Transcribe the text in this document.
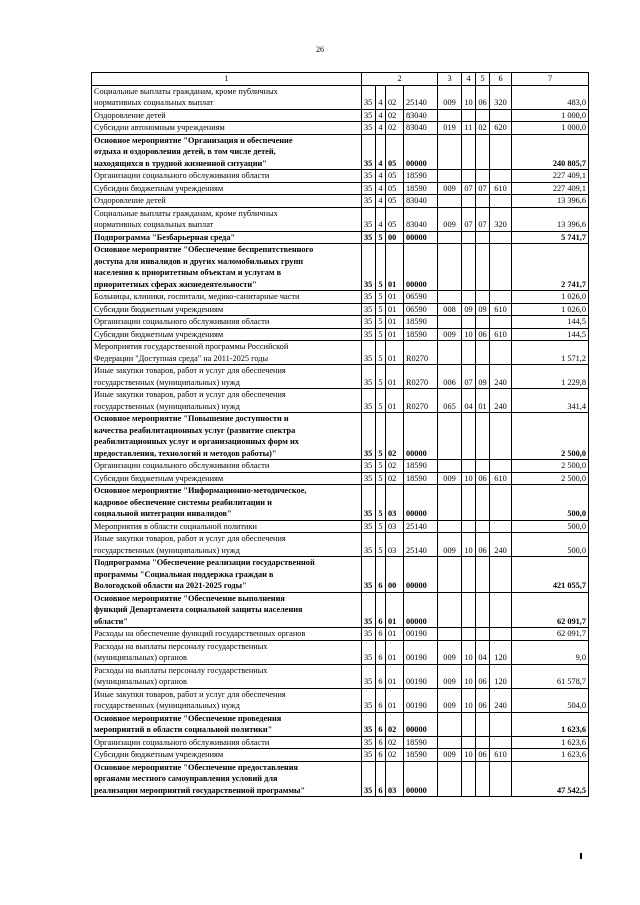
26
1	2				3	4	5	6	7

Социальные выплаты гражданам, кроме публичных
нормативных социальных выплат	35	4	02	25140	009	10	06	320	483,0

Оздоровление детей	35	4	02	83040					1 000,0

Субсидии автономным учреждениям	35	4	02	83040	019	11	02	620	1 000,0

Основное мероприятие "Организация и обеспечение
отдыха и оздоровления детей, в том числе детей,
находящихся в трудной жизненной ситуации"	35	4	05	00000					240 805,7

Организации социального обслуживания области	35	4	05	18590					227 409,1

Субсидии бюджетным учреждениям	35	4	05	18590	009	07	07	610	227 409,1

Оздоровление детей	35	4	05	83040					13 396,6

Социальные выплаты гражданам, кроме публичных
нормативных социальных выплат	35	4	05	83040	009	07	07	320	13 396,6

Подпрограмма "Безбарьерная среда"	35	5	00	00000					5 741,7

Основное мероприятие "Обеспечение беспрепятственного
доступа для инвалидов и других маломобильных групп
населения к приоритетным объектам и услугам в
приоритетных сферах жизнедеятельности"	35	5	01	00000					2 741,7

Больницы, клиники, госпитали, медико-санитарные части	35	5	01	06590					1 026,0

Субсидии бюджетным учреждениям	35	5	01	06590	008	09	09	610	1 026,0

Организации социального обслуживания области	35	5	01	18590					144,5

Субсидии бюджетным учреждениям	35	5	01	18590	009	10	06	610	144,5

Мероприятия государственной программы Российской
Федерации "Доступная среда" на 2011-2025 годы	35	5	01	R0270					1 571,2

Иные закупки товаров, работ и услуг для обеспечения
государственных (муниципальных) нужд	35	5	01	R0270	006	07	09	240	1 229,8

Иные закупки товаров, работ и услуг для обеспечения
государственных (муниципальных) нужд	35	5	01	R0270	065	04	01	240	341,4

Основное мероприятие "Повышение доступности и
качества реабилитационных услуг (развитие спектра
реабилитационных услуг и организационных форм их
предоставления, технологий и методов работы)"	35	5	02	00000					2 500,0

Организации социального обслуживания области	35	5	02	18590					2 500,0

Субсидии бюджетным учреждениям	35	5	02	18590	009	10	06	610	2 500,0

Основное мероприятие "Информационно-методическое,
кадровое обеспечение системы реабилитации и
социальной интеграции инвалидов"	35	5	03	00000					500,0

Мероприятия в области социальной политики	35	5	03	25140					500,0

Иные закупки товаров, работ и услуг для обеспечения
государственных (муниципальных) нужд	35	5	03	25140	009	10	06	240	500,0

Подпрограмма "Обеспечение реализации государственной
программы "Социальная поддержка граждан в
Вологодской области на 2021-2025 годы"	35	6	00	00000					421 055,7

Основное мероприятие "Обеспечение выполнения
функций Департамента социальной защиты населения
области"	35	6	01	00000					62 091,7

Расходы на обеспечение функций государственных органов	35	6	01	00190					62 091,7

Расходы на выплаты персоналу государственных
(муниципальных) органов	35	6	01	00190	009	10	04	120	9,0

Расходы на выплаты персоналу государственных
(муниципальных) органов	35	6	01	00190	009	10	06	120	61 578,7

Иные закупки товаров, работ и услуг для обеспечения
государственных (муниципальных) нужд	35	6	01	00190	009	10	06	240	504,0

Основное мероприятие "Обеспечение проведения
мероприятий в области социальной политики"	35	6	02	00000					1 623,6

Организации социального обслуживания области	35	6	02	18590					1 623,6

Субсидии бюджетным учреждениям	35	6	02	18590	009	10	06	610	1 623,6

Основное мероприятие "Обеспечение предоставления
органами местного самоуправления условий для
реализации мероприятий государственной программы"	35	6	03	00000					47 542,5
